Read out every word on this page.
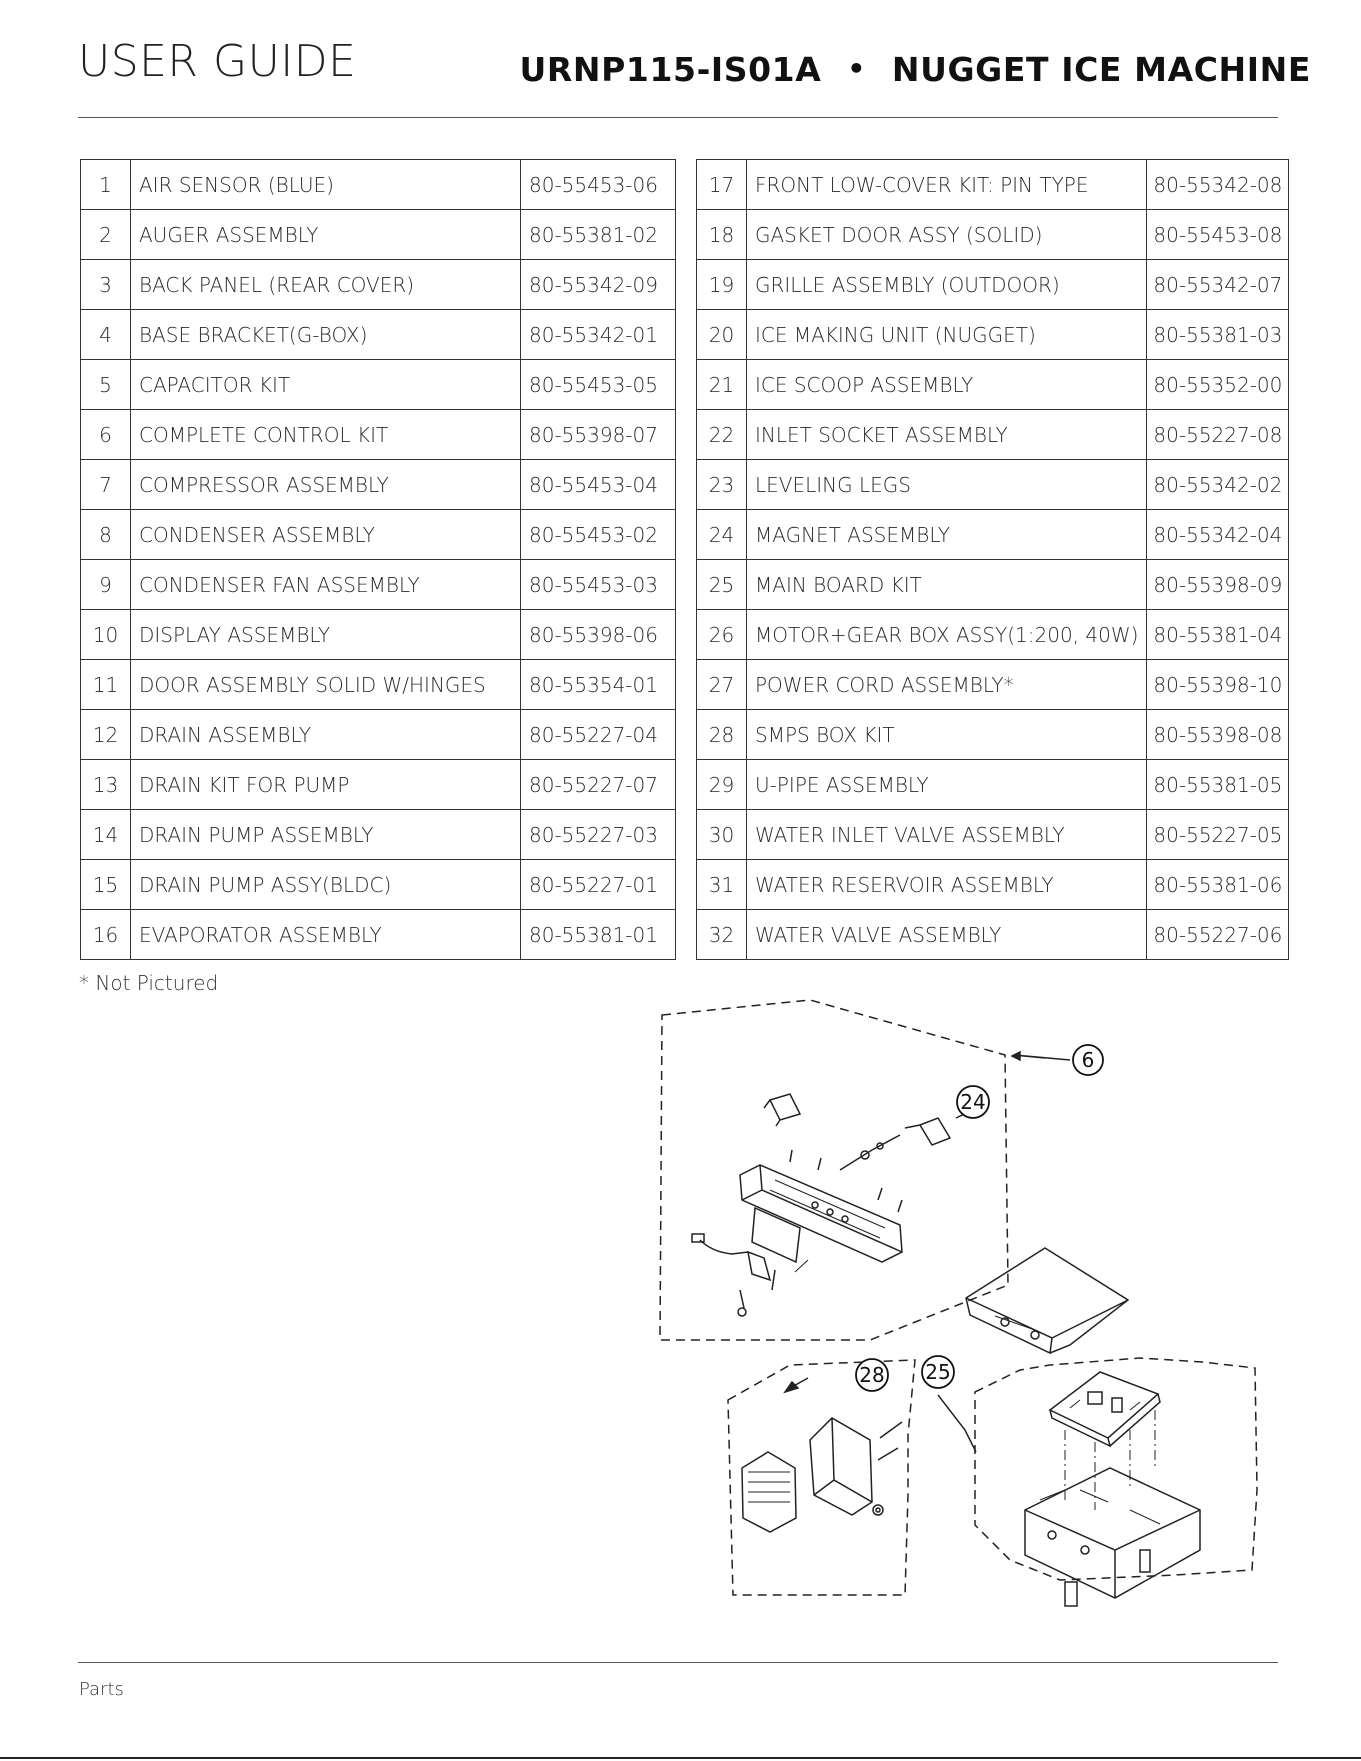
USER GUIDE	URNP115-IS01A • NUGGET ICE MACHINE
1	AIR SENSOR (BLUE)	80-55453-06
2	AUGER ASSEMBLY	80-55381-02
3	BACK PANEL (REAR COVER)	80-55342-09
4	BASE BRACKET(G-BOX)	80-55342-01
5	CAPACITOR KIT	80-55453-05
6	COMPLETE CONTROL KIT	80-55398-07
7	COMPRESSOR ASSEMBLY	80-55453-04
8	CONDENSER ASSEMBLY	80-55453-02
9	CONDENSER FAN ASSEMBLY	80-55453-03
10	DISPLAY ASSEMBLY	80-55398-06
11	DOOR ASSEMBLY SOLID W/HINGES	80-55354-01
12	DRAIN ASSEMBLY	80-55227-04
13	DRAIN KIT FOR PUMP	80-55227-07
14	DRAIN PUMP ASSEMBLY	80-55227-03
15	DRAIN PUMP ASSY(BLDC)	80-55227-01
16	EVAPORATOR ASSEMBLY	80-55381-01
17	FRONT LOW-COVER KIT: PIN TYPE	80-55342-08
18	GASKET DOOR ASSY (SOLID)	80-55453-08
19	GRILLE ASSEMBLY (OUTDOOR)	80-55342-07
20	ICE MAKING UNIT (NUGGET)	80-55381-03
21	ICE SCOOP ASSEMBLY	80-55352-00
22	INLET SOCKET ASSEMBLY	80-55227-08
23	LEVELING LEGS	80-55342-02
24	MAGNET ASSEMBLY	80-55342-04
25	MAIN BOARD KIT	80-55398-09
26	MOTOR+GEAR BOX ASSY(1:200, 40W)	80-55381-04
27	POWER CORD ASSEMBLY*	80-55398-10
28	SMPS BOX KIT	80-55398-08
29	U-PIPE ASSEMBLY	80-55381-05
30	WATER INLET VALVE ASSEMBLY	80-55227-05
31	WATER RESERVOIR ASSEMBLY	80-55381-06
32	WATER VALVE ASSEMBLY	80-55227-06
* Not Pictured
6
24
28 25
Parts
